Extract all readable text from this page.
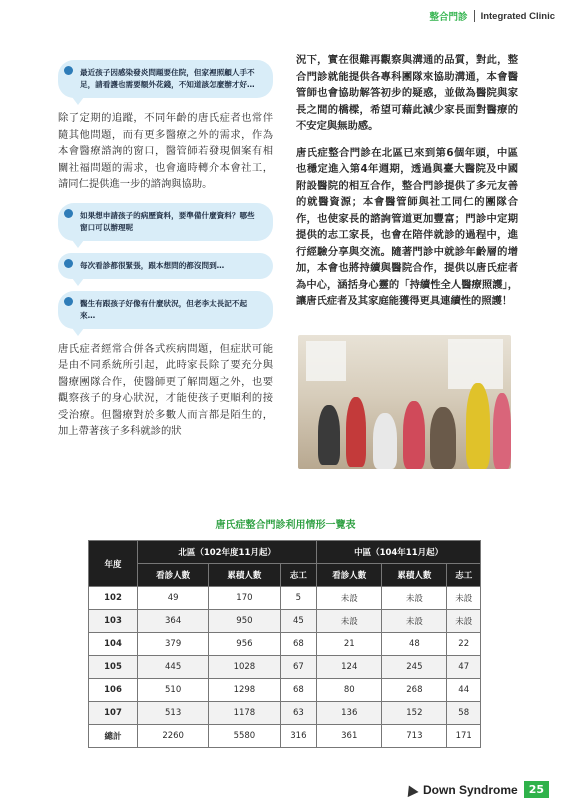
整合門診 Integrated Clinic
最近孩子因感染發炎問題要住院，但家裡照顧人手不足，請看護也需要額外花錢，不知道該怎麼辦才好…

除了定期的追蹤，不同年齡的唐氏症者也常伴隨其他問題，而有更多醫療之外的需求，作為本會醫療諮詢的窗口，醫管師若發現個案有相關社福問題的需求，也會適時轉介本會社工，請同仁提供進一步的諮詢與協助。

如果想申請孩子的病歷資料，要準備什麼資料？哪些窗口可以辦理呢
每次看診都很緊張，跟本想問的都沒問到…
醫生有跟孩子好像有什麼狀況，但老李太長記不起來…

唐氏症者經常合併各式疾病問題，但症狀可能是由不同系統所引起，此時家長除了要充分與醫療團隊合作，使醫師更了解問題之外，也要觀察孩子的身心狀況，才能使孩子更順利的接受治療。但醫療對於多數人而言都是陌生的，加上帶著孩子多科就診的狀

況下，實在很難再觀察與溝通的品質，對此，整合門診就能提供各專科團隊來協助溝通，本會醫管師也會協助解答初步的疑惑，並做為醫院與家長之間的橋樑，希望可藉此減少家長面對醫療的不安定與無助感。

唐氏症整合門診在北區已來到第6個年頭，中區也穩定進入第4年週期，透過與臺大醫院及中國附設醫院的相互合作，整合門診提供了多元友善的就醫資源；本會醫管師與社工同仁的團隊合作，也使家長的諮詢管道更加豐富；門診中定期提供的志工家長，也會在陪伴就診的過程中，進行經驗分享與交流。隨著門診中就診年齡層的增加，本會也將持續與醫院合作，提供以唐氏症者為中心，涵括身心靈的「持續性全人醫療照護」，讓唐氏症者及其家庭能獲得更具連續性的照護！

唐氏症整合門診利用情形一覽表
年度	北區（102年度11月起）			中區（104年11月起）		
	看診人數	累積人數	志工	看診人數	累積人數	志工
102	49	170	5	未設	未設	未設
103	364	950	45	未設	未設	未設
104	379	956	68	21	48	22
105	445	1028	67	124	245	47
106	510	1298	68	80	268	44
107	513	1178	63	136	152	58
總計	2260	5580	316	361	713	171
Down Syndrome	25
